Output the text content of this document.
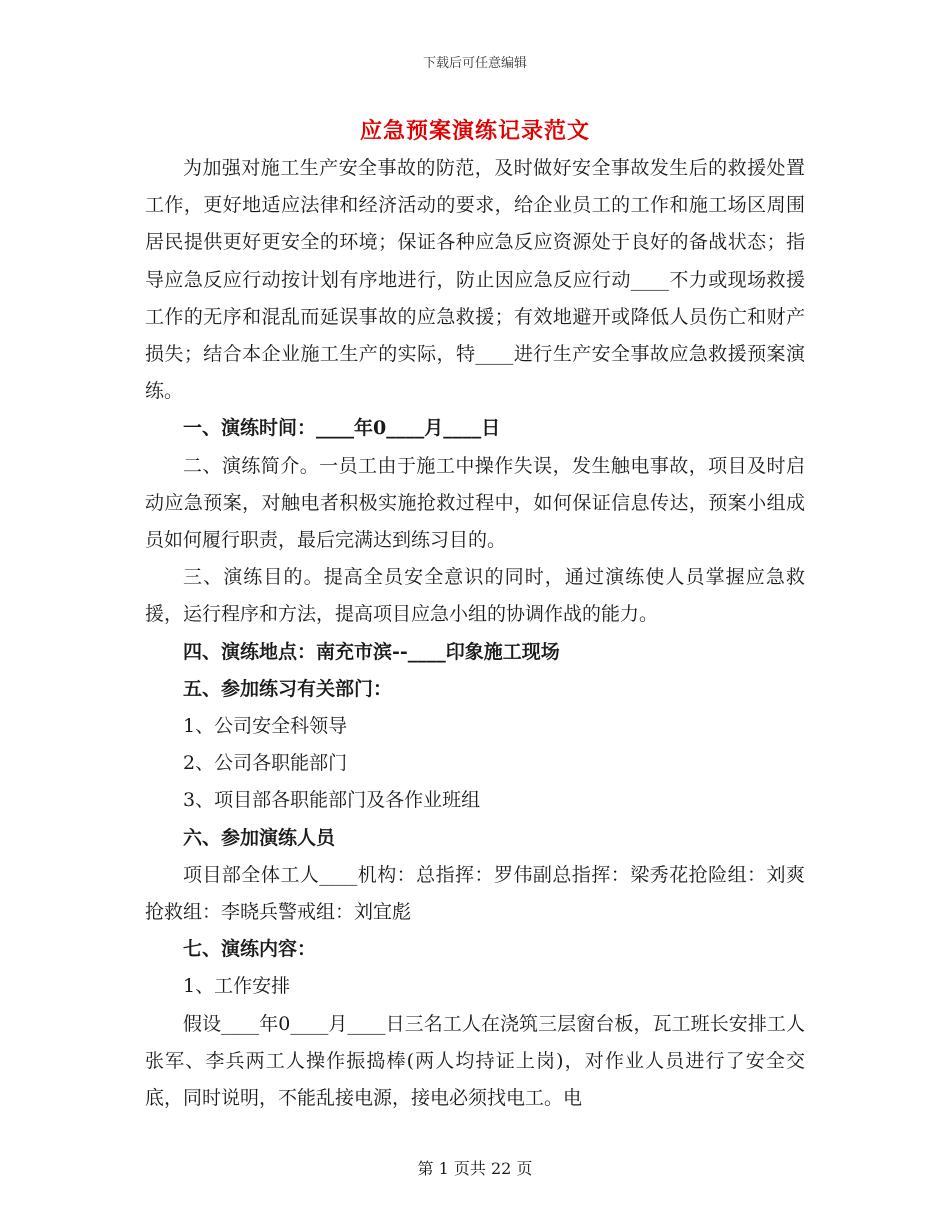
下载后可任意编辑
应急预案演练记录范文

为加强对施工生产安全事故的防范，及时做好安全事故发生后的救援处置工作，更好地适应法律和经济活动的要求，给企业员工的工作和施工场区周围居民提供更好更安全的环境；保证各种应急反应资源处于良好的备战状态；指导应急反应行动按计划有序地进行，防止因应急反应行动____不力或现场救援工作的无序和混乱而延误事故的应急救援；有效地避开或降低人员伤亡和财产损失；结合本企业施工生产的实际，特____进行生产安全事故应急救援预案演练。

一、演练时间：____年0____月____日

二、演练简介。一员工由于施工中操作失误，发生触电事故，项目及时启动应急预案，对触电者积极实施抢救过程中，如何保证信息传达，预案小组成员如何履行职责，最后完满达到练习目的。

三、演练目的。提高全员安全意识的同时，通过演练使人员掌握应急救援，运行程序和方法，提高项目应急小组的协调作战的能力。

四、演练地点：南充市滨--____印象施工现场

五、参加练习有关部门：

1、公司安全科领导

2、公司各职能部门

3、项目部各职能部门及各作业班组

六、参加演练人员

项目部全体工人____机构：总指挥：罗伟副总指挥：梁秀花抢险组：刘爽抢救组：李晓兵警戒组：刘宜彪

七、演练内容：

1、工作安排

假设____年0____月____日三名工人在浇筑三层窗台板，瓦工班长安排工人张军、李兵两工人操作振捣棒(两人均持证上岗)，对作业人员进行了安全交底，同时说明，不能乱接电源，接电必须找电工。电

第 1 页共 22 页
